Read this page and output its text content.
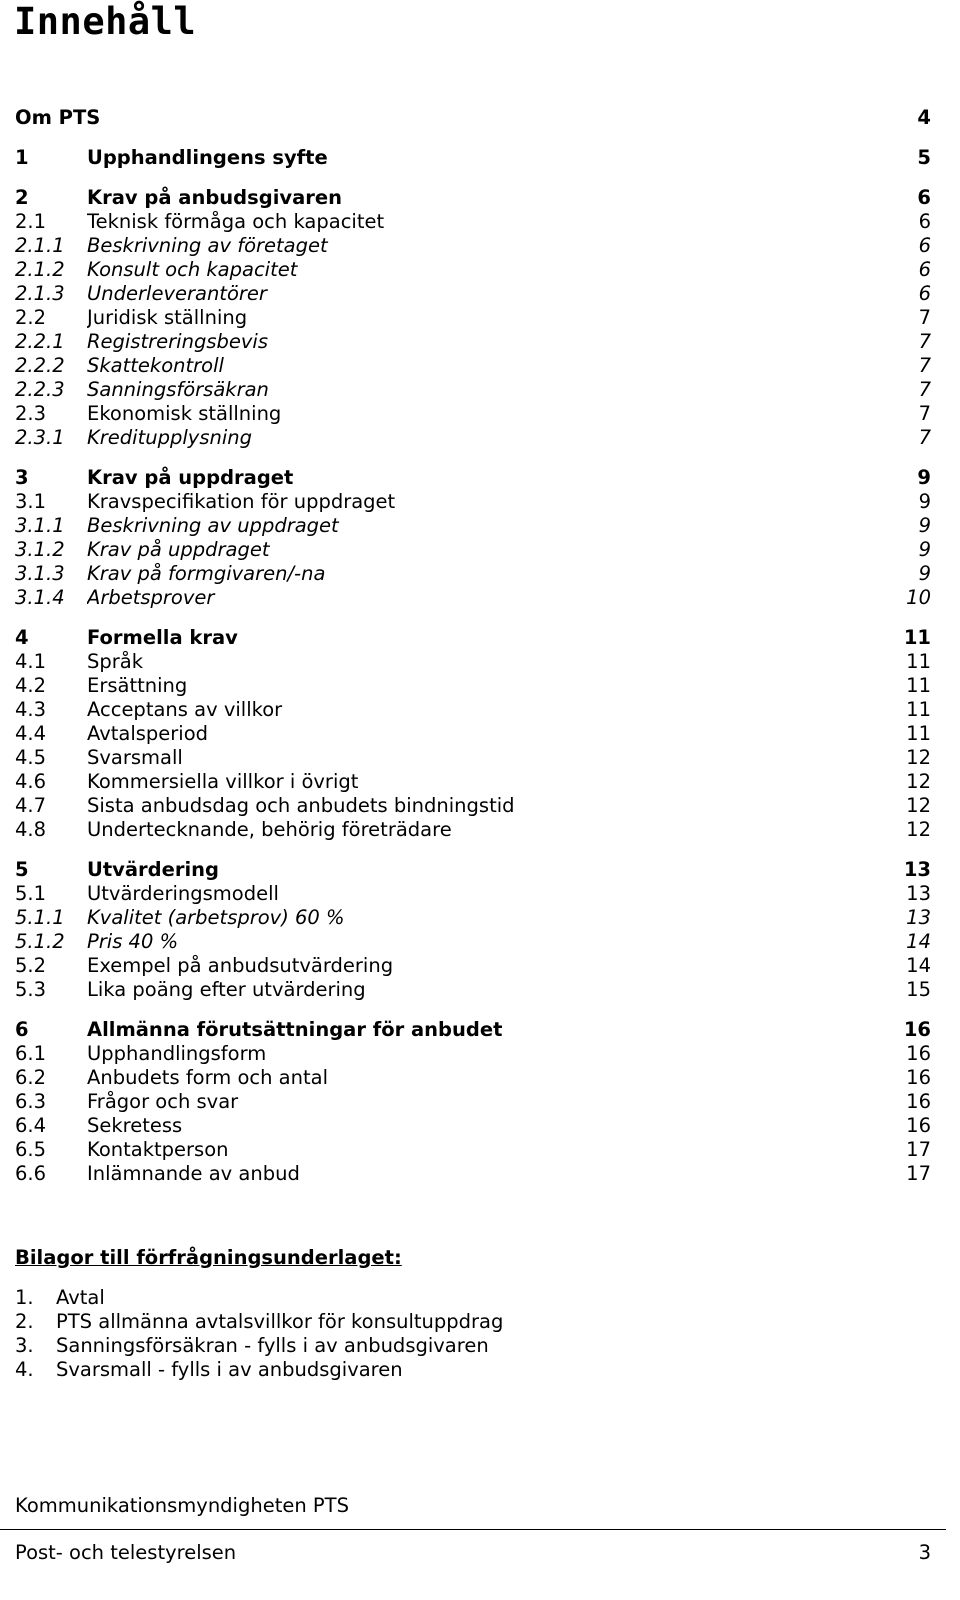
Innehåll
Om PTS	4
1	Upphandlingens syfte	5
2	Krav på anbudsgivaren	6
2.1	Teknisk förmåga och kapacitet	6
2.1.1	Beskrivning av företaget	6
2.1.2	Konsult och kapacitet	6
2.1.3	Underleverantörer	6
2.2	Juridisk ställning	7
2.2.1	Registreringsbevis	7
2.2.2	Skattekontroll	7
2.2.3	Sanningsförsäkran	7
2.3	Ekonomisk ställning	7
2.3.1	Kreditupplysning	7
3	Krav på uppdraget	9
3.1	Kravspecifikation för uppdraget	9
3.1.1	Beskrivning av uppdraget	9
3.1.2	Krav på uppdraget	9
3.1.3	Krav på formgivaren/-na	9
3.1.4	Arbetsprover	10
4	Formella krav	11
4.1	Språk	11
4.2	Ersättning	11
4.3	Acceptans av villkor	11
4.4	Avtalsperiod	11
4.5	Svarsmall	12
4.6	Kommersiella villkor i övrigt	12
4.7	Sista anbudsdag och anbudets bindningstid	12
4.8	Undertecknande, behörig företrädare	12
5	Utvärdering	13
5.1	Utvärderingsmodell	13
5.1.1	Kvalitet (arbetsprov) 60 %	13
5.1.2	Pris 40 %	14
5.2	Exempel på anbudsutvärdering	14
5.3	Lika poäng efter utvärdering	15
6	Allmänna förutsättningar för anbudet	16
6.1	Upphandlingsform	16
6.2	Anbudets form och antal	16
6.3	Frågor och svar	16
6.4	Sekretess	16
6.5	Kontaktperson	17
6.6	Inlämnande av anbud	17
Bilagor till förfrågningsunderlaget:
1.	Avtal
2.	PTS allmänna avtalsvillkor för konsultuppdrag
3.	Sanningsförsäkran - fylls i av anbudsgivaren
4.	Svarsmall - fylls i av anbudsgivaren
Kommunikationsmyndigheten PTS
Post- och telestyrelsen	3
